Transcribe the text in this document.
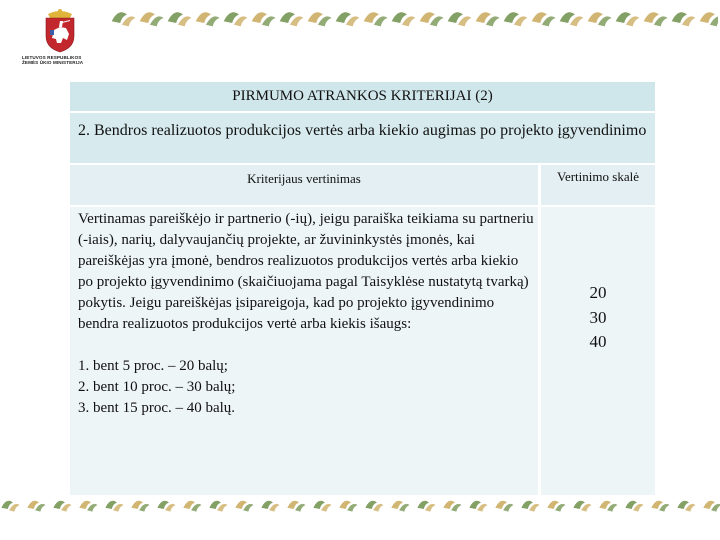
LIETUVOS RESPUBLIKOS
ŽEMĖS ŪKIO MINISTERIJA
PIRMUMO ATRANKOS KRITERIJAI (2)
2. Bendros realizuotos produkcijos vertės arba kiekio augimas po projekto įgyvendinimo
Kriterijaus vertinimas	Vertinimo skalė

Vertinamas pareiškėjo ir partnerio (-ių), jeigu paraiška teikiama su partneriu (-iais), narių, dalyvaujančių projekte, ar žuvininkystės įmonės, kai pareiškėjas yra įmonė, bendros realizuotos produkcijos vertės arba kiekio po projekto įgyvendinimo (skaičiuojama pagal Taisyklėse nustatytą tvarką) pokytis. Jeigu pareiškėjas įsipareigoja, kad po projekto įgyvendinimo bendra realizuotos produkcijos vertė arba kiekis išaugs:

1. bent 5 proc. – 20 balų;
2. bent 10 proc. – 30 balų;
3. bent 15 proc. – 40 balų.
20
30
40
